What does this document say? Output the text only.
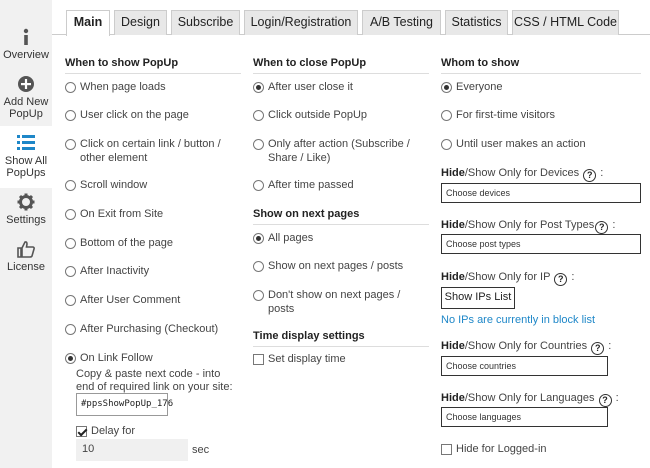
Overview
Add New PopUp
Show All PopUps
Settings
License
Main	Design	Subscribe	Login/Registration	A/B Testing	Statistics CSS / HTML Code
When to show PopUp
When page loads
User click on the page
Click on certain link / button / other element
Scroll window
On Exit from Site
Bottom of the page
After Inactivity
After User Comment
After Purchasing (Checkout)
On Link Follow
Copy & paste next code - into end of required link on your site:
#ppsShowPopUp_176
Delay for
10	sec
When to close PopUp
After user close it
Click outside PopUp
Only after action (Subscribe / Share / Like)
After time passed
Show on next pages
All pages
Show on next pages / posts
Don't show on next pages / posts
Time display settings
Set display time
Whom to show
Everyone
For first-time visitors
Until user makes an action
Hide/Show Only for Devices ? :
Choose devices
Hide/Show Only for Post Types ? :
Choose post types
Hide/Show Only for IP ? :
Show IPs List
No IPs are currently in block list
Hide/Show Only for Countries ? :
Choose countries
Hide/Show Only for Languages ? :
Choose languages
Hide for Logged-in
